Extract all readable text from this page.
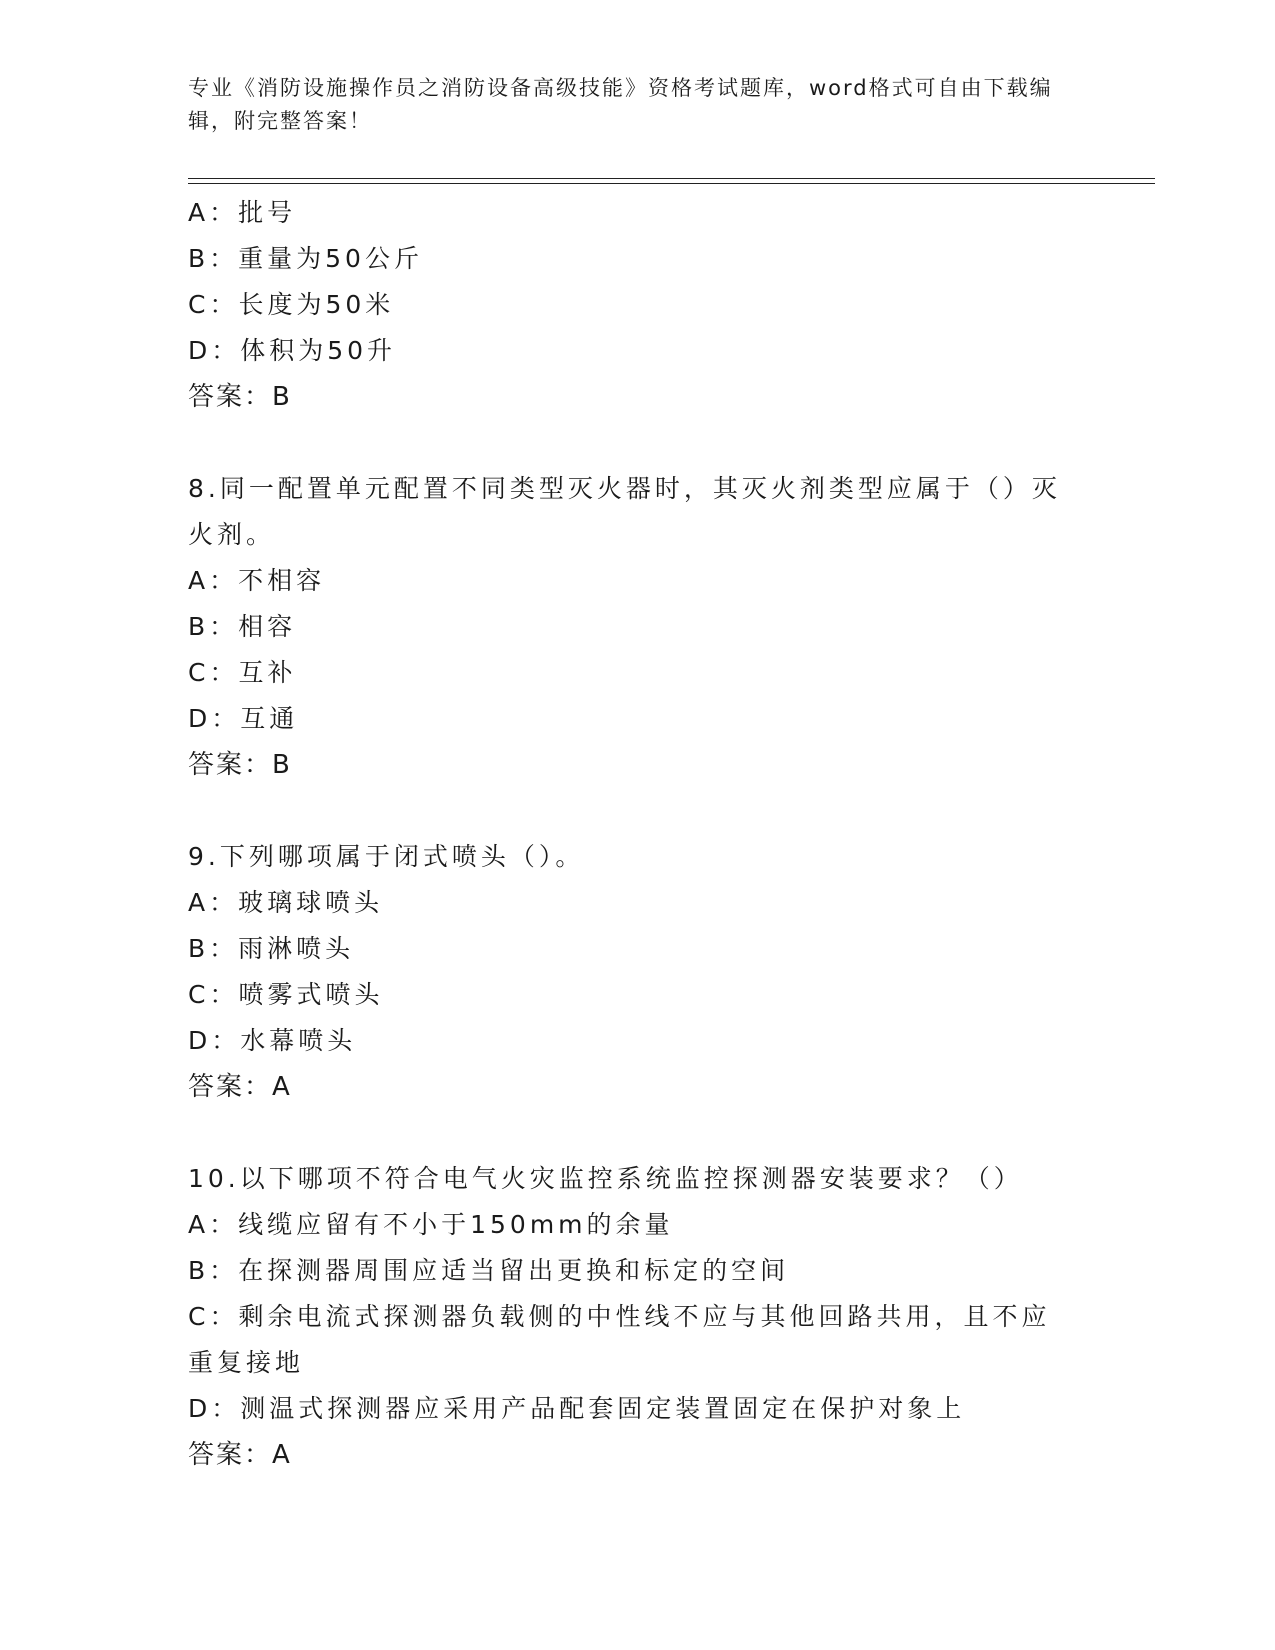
专业《消防设施操作员之消防设备高级技能》资格考试题库，word格式可自由下载编辑，附完整答案！
A：批号
B：重量为50公斤
C：长度为50米
D：体积为50升
答案：B
8.同一配置单元配置不同类型灭火器时，其灭火剂类型应属于（）灭火剂。
A：不相容
B：相容
C：互补
D：互通
答案：B
9.下列哪项属于闭式喷头（）。
A：玻璃球喷头
B：雨淋喷头
C：喷雾式喷头
D：水幕喷头
答案：A
10.以下哪项不符合电气火灾监控系统监控探测器安装要求？（）
A：线缆应留有不小于150mm的余量
B：在探测器周围应适当留出更换和标定的空间
C：剩余电流式探测器负载侧的中性线不应与其他回路共用，且不应重复接地
D：测温式探测器应采用产品配套固定装置固定在保护对象上
答案：A
